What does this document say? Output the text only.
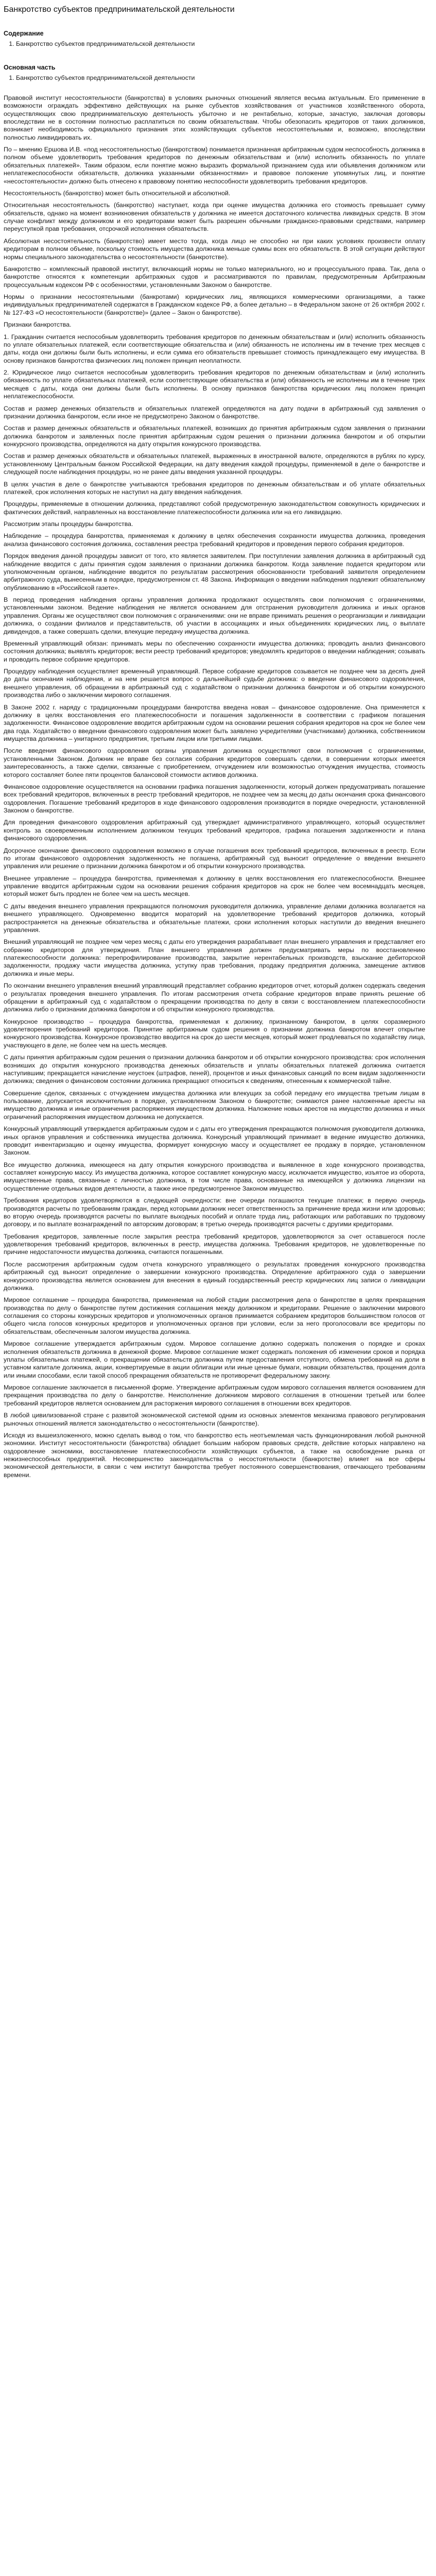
Банкротство субъектов предпринимательской деятельности
Содержание
1. Банкротство субъектов предпринимательской деятельности
Основная часть
1. Банкротство субъектов предпринимательской деятельности

Правовой институт несостоятельности (банкротства) в условиях рыночных отношений является весьма актуальным. Его применение в возможности ограждать эффективно действующих на рынке субъектов хозяйствования от участников хозяйственного оборота, осуществляющих свою предпринимательскую деятельность убыточно и не рентабельно, которые, зачастую, заключая договоры впоследствии не в состоянии полностью расплатиться по своим обязательствам. Чтобы обезопасить кредиторов от таких должников, возникает необходимость официального признания этих хозяйствующих субъектов несостоятельными и, возможно, впоследствии полностью ликвидировать их.

По – мнению Ершова И.В. «под несостоятельностью (банкротством) понимается признанная арбитражным судом неспособность должника в полном объеме удовлетворить требования кредиторов по денежным обязательствам и (или) исполнить обязанность по уплате обязательных платежей». Таким образом, если понятие можно выразить формальной признанием суда или объявления должником или неплатежеспособности обязательств, должника указанными обязанностями» и правовое положение упомянутых лиц, и понятие «несостоятельности» должно быть отнесено к правовому понятию неспособности удовлетворить требования кредиторов.

Несостоятельность (банкротство) может быть относительной и абсолютной.

Относительная несостоятельность (банкротство) наступает, когда при оценке имущества должника его стоимость превышает сумму обязательств, однако на момент возникновения обязательств у должника не имеется достаточного количества ликвидных средств. В этом случае конфликт между должником и его кредиторами может быть разрешен обычными гражданско-правовыми средствами, например переуступкой прав требования, отсрочкой исполнения обязательств.

Абсолютная несостоятельность (банкротство) имеет место тогда, когда лицо не способно ни при каких условиях произвести оплату кредиторам в полном объеме, поскольку стоимость имущества должника меньше суммы всех его обязательств. В этой ситуации действуют нормы специального законодательства о несостоятельности (банкротстве).

Банкротство – комплексный правовой институт, включающий нормы не только материального, но и процессуального права. Так, дела о банкротстве относятся к компетенции арбитражных судов и рассматриваются по правилам, предусмотренным Арбитражным процессуальным кодексом РФ с особенностями, установленными Законом о банкротстве.

Нормы о признании несостоятельными (банкротами) юридических лиц, являющихся коммерческими организациями, а также индивидуальных предпринимателей содержатся в Гражданском кодексе РФ, а более детально – в Федеральном законе от 26 октября 2002 г. № 127-ФЗ «О несостоятельности (банкротстве)» (далее – Закон о банкротстве).

Признаки банкротства.

1. Гражданин считается неспособным удовлетворить требования кредиторов по денежным обязательствам и (или) исполнить обязанность по уплате обязательных платежей, если соответствующие обязательства и (или) обязанность не исполнены им в течение трех месяцев с даты, когда они должны были быть исполнены, и если сумма его обязательств превышает стоимость принадлежащего ему имущества. В основу признаков банкротства физических лиц положен принцип неоплатности.

2. Юридическое лицо считается неспособным удовлетворить требования кредиторов по денежным обязательствам и (или) исполнить обязанность по уплате обязательных платежей, если соответствующие обязательства и (или) обязанность не исполнены им в течение трех месяцев с даты, когда они должны были быть исполнены. В основу признаков банкротства юридических лиц положен принцип неплатежеспособности.

Состав и размер денежных обязательств и обязательных платежей определяются на дату подачи в арбитражный суд заявления о признании должника банкротом, если иное не предусмотрено Законом о банкротстве.

Состав и размер денежных обязательств и обязательных платежей, возникших до принятия арбитражным судом заявления о признании должника банкротом и заявленных после принятия арбитражным судом решения о признании должника банкротом и об открытии конкурсного производства, определяются на дату открытия конкурсного производства.

Состав и размер денежных обязательств и обязательных платежей, выраженных в иностранной валюте, определяются в рублях по курсу, установленному Центральным банком Российской Федерации, на дату введения каждой процедуры, применяемой в деле о банкротстве и следующей после наблюдения процедуры, но не ранее даты введения указанной процедуры.

В целях участия в деле о банкротстве учитываются требования кредиторов по денежным обязательствам и об уплате обязательных платежей, срок исполнения которых не наступил на дату введения наблюдения.

Процедуры, применяемые в отношении должника, представляют собой предусмотренную законодательством совокупность юридических и фактических действий, направленных на восстановление платежеспособности должника или на его ликвидацию.

Рассмотрим этапы процедуры банкротства.

Наблюдение – процедура банкротства, применяемая к должнику в целях обеспечения сохранности имущества должника, проведения анализа финансового состояния должника, составления реестра требований кредиторов и проведения первого собрания кредиторов.

Порядок введения данной процедуры зависит от того, кто является заявителем. При поступлении заявления должника в арбитражный суд наблюдение вводится с даты принятия судом заявления о признании должника банкротом. Когда заявление подается кредитором или уполномоченным органом, наблюдение вводится по результатам рассмотрения обоснованности требований заявителя определением арбитражного суда, вынесенным в порядке, предусмотренном ст. 48 Закона. Информация о введении наблюдения подлежит обязательному опубликованию в «Российской газете».

В период проведения наблюдения органы управления должника продолжают осуществлять свои полномочия с ограничениями, установленными законом. Ведение наблюдения не является основанием для отстранения руководителя должника и иных органов управления. Органы же осуществляют свои полномочия с ограничениями: они не вправе принимать решения о реорганизации и ликвидации должника, о создании филиалов и представительств, об участии в ассоциациях и иных объединениях юридических лиц, о выплате дивидендов, а также совершать сделки, влекущие передачу имущества должника.

Временный управляющий обязан: принимать меры по обеспечению сохранности имущества должника; проводить анализ финансового состояния должника; выявлять кредиторов; вести реестр требований кредиторов; уведомлять кредиторов о введении наблюдения; созывать и проводить первое собрание кредиторов.

Процедуру наблюдения осуществляет временный управляющий. Первое собрание кредиторов созывается не позднее чем за десять дней до даты окончания наблюдения, и на нем решается вопрос о дальнейшей судьбе должника: о введении финансового оздоровления, внешнего управления, об обращении в арбитражный суд с ходатайством о признании должника банкротом и об открытии конкурсного производства либо о заключении мирового соглашения.

В Законе 2002 г. наряду с традиционными процедурами банкротства введена новая – финансовое оздоровление. Она применяется к должнику в целях восстановления его платежеспособности и погашения задолженности в соответствии с графиком погашения задолженности. Финансовое оздоровление вводится арбитражным судом на основании решения собрания кредиторов на срок не более чем два года. Ходатайство о введении финансового оздоровления может быть заявлено учредителями (участниками) должника, собственником имущества должника – унитарного предприятия, третьим лицом или третьими лицами.

После введения финансового оздоровления органы управления должника осуществляют свои полномочия с ограничениями, установленными Законом. Должник не вправе без согласия собрания кредиторов совершать сделки, в совершении которых имеется заинтересованность, а также сделки, связанные с приобретением, отчуждением или возможностью отчуждения имущества, стоимость которого составляет более пяти процентов балансовой стоимости активов должника.

Финансовое оздоровление осуществляется на основании графика погашения задолженности, который должен предусматривать погашение всех требований кредиторов, включенных в реестр требований кредиторов, не позднее чем за месяц до даты окончания срока финансового оздоровления. Погашение требований кредиторов в ходе финансового оздоровления производится в порядке очередности, установленной Законом о банкротстве.

Для проведения финансового оздоровления арбитражный суд утверждает административного управляющего, который осуществляет контроль за своевременным исполнением должником текущих требований кредиторов, графика погашения задолженности и плана финансового оздоровления.

Досрочное окончание финансового оздоровления возможно в случае погашения всех требований кредиторов, включенных в реестр. Если по итогам финансового оздоровления задолженность не погашена, арбитражный суд выносит определение о введении внешнего управления или решение о признании должника банкротом и об открытии конкурсного производства.

Внешнее управление – процедура банкротства, применяемая к должнику в целях восстановления его платежеспособности. Внешнее управление вводится арбитражным судом на основании решения собрания кредиторов на срок не более чем восемнадцать месяцев, который может быть продлен не более чем на шесть месяцев.

С даты введения внешнего управления прекращаются полномочия руководителя должника, управление делами должника возлагается на внешнего управляющего. Одновременно вводится мораторий на удовлетворение требований кредиторов должника, который распространяется на денежные обязательства и обязательные платежи, сроки исполнения которых наступили до введения внешнего управления.

Внешний управляющий не позднее чем через месяц с даты его утверждения разрабатывает план внешнего управления и представляет его собранию кредиторов для утверждения. План внешнего управления должен предусматривать меры по восстановлению платежеспособности должника: перепрофилирование производства, закрытие нерентабельных производств, взыскание дебиторской задолженности, продажу части имущества должника, уступку прав требования, продажу предприятия должника, замещение активов должника и иные меры.

По окончании внешнего управления внешний управляющий представляет собранию кредиторов отчет, который должен содержать сведения о результатах проведения внешнего управления. По итогам рассмотрения отчета собрание кредиторов вправе принять решение об обращении в арбитражный суд с ходатайством о прекращении производства по делу в связи с восстановлением платежеспособности должника либо о признании должника банкротом и об открытии конкурсного производства.

Конкурсное производство – процедура банкротства, применяемая к должнику, признанному банкротом, в целях соразмерного удовлетворения требований кредиторов. Принятие арбитражным судом решения о признании должника банкротом влечет открытие конкурсного производства. Конкурсное производство вводится на срок до шести месяцев, который может продлеваться по ходатайству лица, участвующего в деле, не более чем на шесть месяцев.

С даты принятия арбитражным судом решения о признании должника банкротом и об открытии конкурсного производства: срок исполнения возникших до открытия конкурсного производства денежных обязательств и уплаты обязательных платежей должника считается наступившим; прекращается начисление неустоек (штрафов, пеней), процентов и иных финансовых санкций по всем видам задолженности должника; сведения о финансовом состоянии должника прекращают относиться к сведениям, отнесенным к коммерческой тайне.

Совершение сделок, связанных с отчуждением имущества должника или влекущих за собой передачу его имущества третьим лицам в пользование, допускается исключительно в порядке, установленном Законом о банкротстве; снимаются ранее наложенные аресты на имущество должника и иные ограничения распоряжения имуществом должника. Наложение новых арестов на имущество должника и иных ограничений распоряжения имуществом должника не допускается.

Конкурсный управляющий утверждается арбитражным судом и с даты его утверждения прекращаются полномочия руководителя должника, иных органов управления и собственника имущества должника. Конкурсный управляющий принимает в ведение имущество должника, проводит инвентаризацию и оценку имущества, формирует конкурсную массу и осуществляет ее продажу в порядке, установленном Законом.

Все имущество должника, имеющееся на дату открытия конкурсного производства и выявленное в ходе конкурсного производства, составляет конкурсную массу. Из имущества должника, которое составляет конкурсную массу, исключается имущество, изъятое из оборота, имущественные права, связанные с личностью должника, в том числе права, основанные на имеющейся у должника лицензии на осуществление отдельных видов деятельности, а также иное предусмотренное Законом имущество.

Требования кредиторов удовлетворяются в следующей очередности: вне очереди погашаются текущие платежи; в первую очередь производятся расчеты по требованиям граждан, перед которыми должник несет ответственность за причинение вреда жизни или здоровью; во вторую очередь производятся расчеты по выплате выходных пособий и оплате труда лиц, работающих или работавших по трудовому договору, и по выплате вознаграждений по авторским договорам; в третью очередь производятся расчеты с другими кредиторами.

Требования кредиторов, заявленные после закрытия реестра требований кредиторов, удовлетворяются за счет оставшегося после удовлетворения требований кредиторов, включенных в реестр, имущества должника. Требования кредиторов, не удовлетворенные по причине недостаточности имущества должника, считаются погашенными.

После рассмотрения арбитражным судом отчета конкурсного управляющего о результатах проведения конкурсного производства арбитражный суд выносит определение о завершении конкурсного производства. Определение арбитражного суда о завершении конкурсного производства является основанием для внесения в единый государственный реестр юридических лиц записи о ликвидации должника.

Мировое соглашение – процедура банкротства, применяемая на любой стадии рассмотрения дела о банкротстве в целях прекращения производства по делу о банкротстве путем достижения соглашения между должником и кредиторами. Решение о заключении мирового соглашения со стороны конкурсных кредиторов и уполномоченных органов принимается собранием кредиторов большинством голосов от общего числа голосов конкурсных кредиторов и уполномоченных органов при условии, если за него проголосовали все кредиторы по обязательствам, обеспеченным залогом имущества должника.

Мировое соглашение утверждается арбитражным судом. Мировое соглашение должно содержать положения о порядке и сроках исполнения обязательств должника в денежной форме. Мировое соглашение может содержать положения об изменении сроков и порядка уплаты обязательных платежей, о прекращении обязательств должника путем предоставления отступного, обмена требований на доли в уставном капитале должника, акции, конвертируемые в акции облигации или иные ценные бумаги, новации обязательства, прощения долга или иными способами, если такой способ прекращения обязательств не противоречит федеральному закону.

Мировое соглашение заключается в письменной форме. Утверждение арбитражным судом мирового соглашения является основанием для прекращения производства по делу о банкротстве. Неисполнение должником мирового соглашения в отношении третьей или более требований кредиторов является основанием для расторжения мирового соглашения в отношении всех кредиторов.

В любой цивилизованной стране с развитой экономической системой одним из основных элементов механизма правового регулирования рыночных отношений является законодательство о несостоятельности (банкротстве).

Исходя из вышеизложенного, можно сделать вывод о том, что банкротство есть неотъемлемая часть функционирования любой рыночной экономики. Институт несостоятельности (банкротства) обладает большим набором правовых средств, действие которых направлено на оздоровление экономики, восстановление платежеспособности хозяйствующих субъектов, а также на освобождение рынка от нежизнеспособных предприятий. Несовершенство законодательства о несостоятельности (банкротстве) влияет на все сферы экономической деятельности, в связи с чем институт банкротства требует постоянного совершенствования, отвечающего требованиям времени.
